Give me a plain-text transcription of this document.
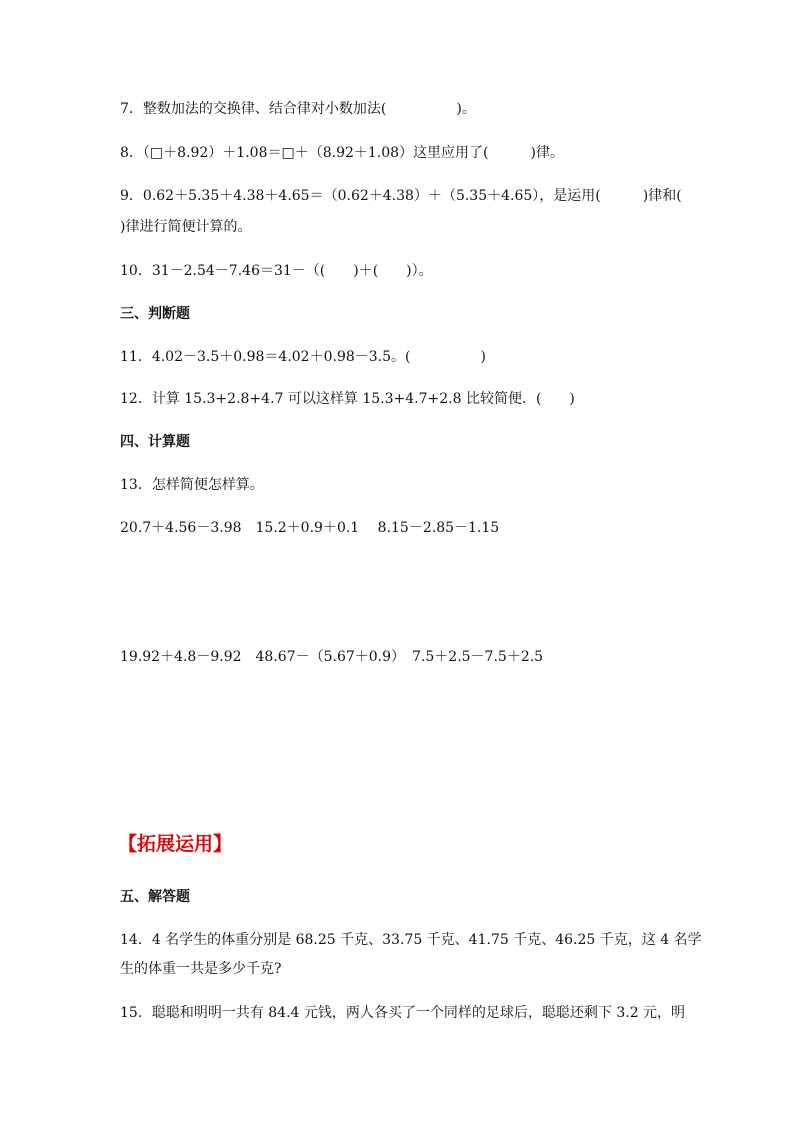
7．整数加法的交换律、结合律对小数加法(　　　　　)。
8．（□＋8.92）＋1.08＝□＋（8.92＋1.08）这里应用了(　　　)律。
9．0.62＋5.35＋4.38＋4.65＝（0.62＋4.38）＋（5.35＋4.65），是运用(　　　)律和(
)律进行简便计算的。
10．31－2.54－7.46＝31－（(　　)＋(　　)）。
三、判断题
11．4.02－3.5＋0.98＝4.02＋0.98－3.5。(　　　　　)
12．计算 15.3+2.8+4.7 可以这样算 15.3+4.7+2.8 比较简便．(　　)
四、计算题
13．怎样简便怎样算。
20.7＋4.56－3.98　15.2＋0.9＋0.1　 8.15－2.85－1.15
19.92＋4.8－9.92　48.67－（5.67＋0.9）　7.5＋2.5－7.5＋2.5
【拓展运用】
五、解答题
14．4 名学生的体重分别是 68.25 千克、33.75 千克、41.75 千克、46.25 千克，这 4 名学
生的体重一共是多少千克?
15．聪聪和明明一共有 84.4 元钱，两人各买了一个同样的足球后，聪聪还剩下 3.2 元，明
